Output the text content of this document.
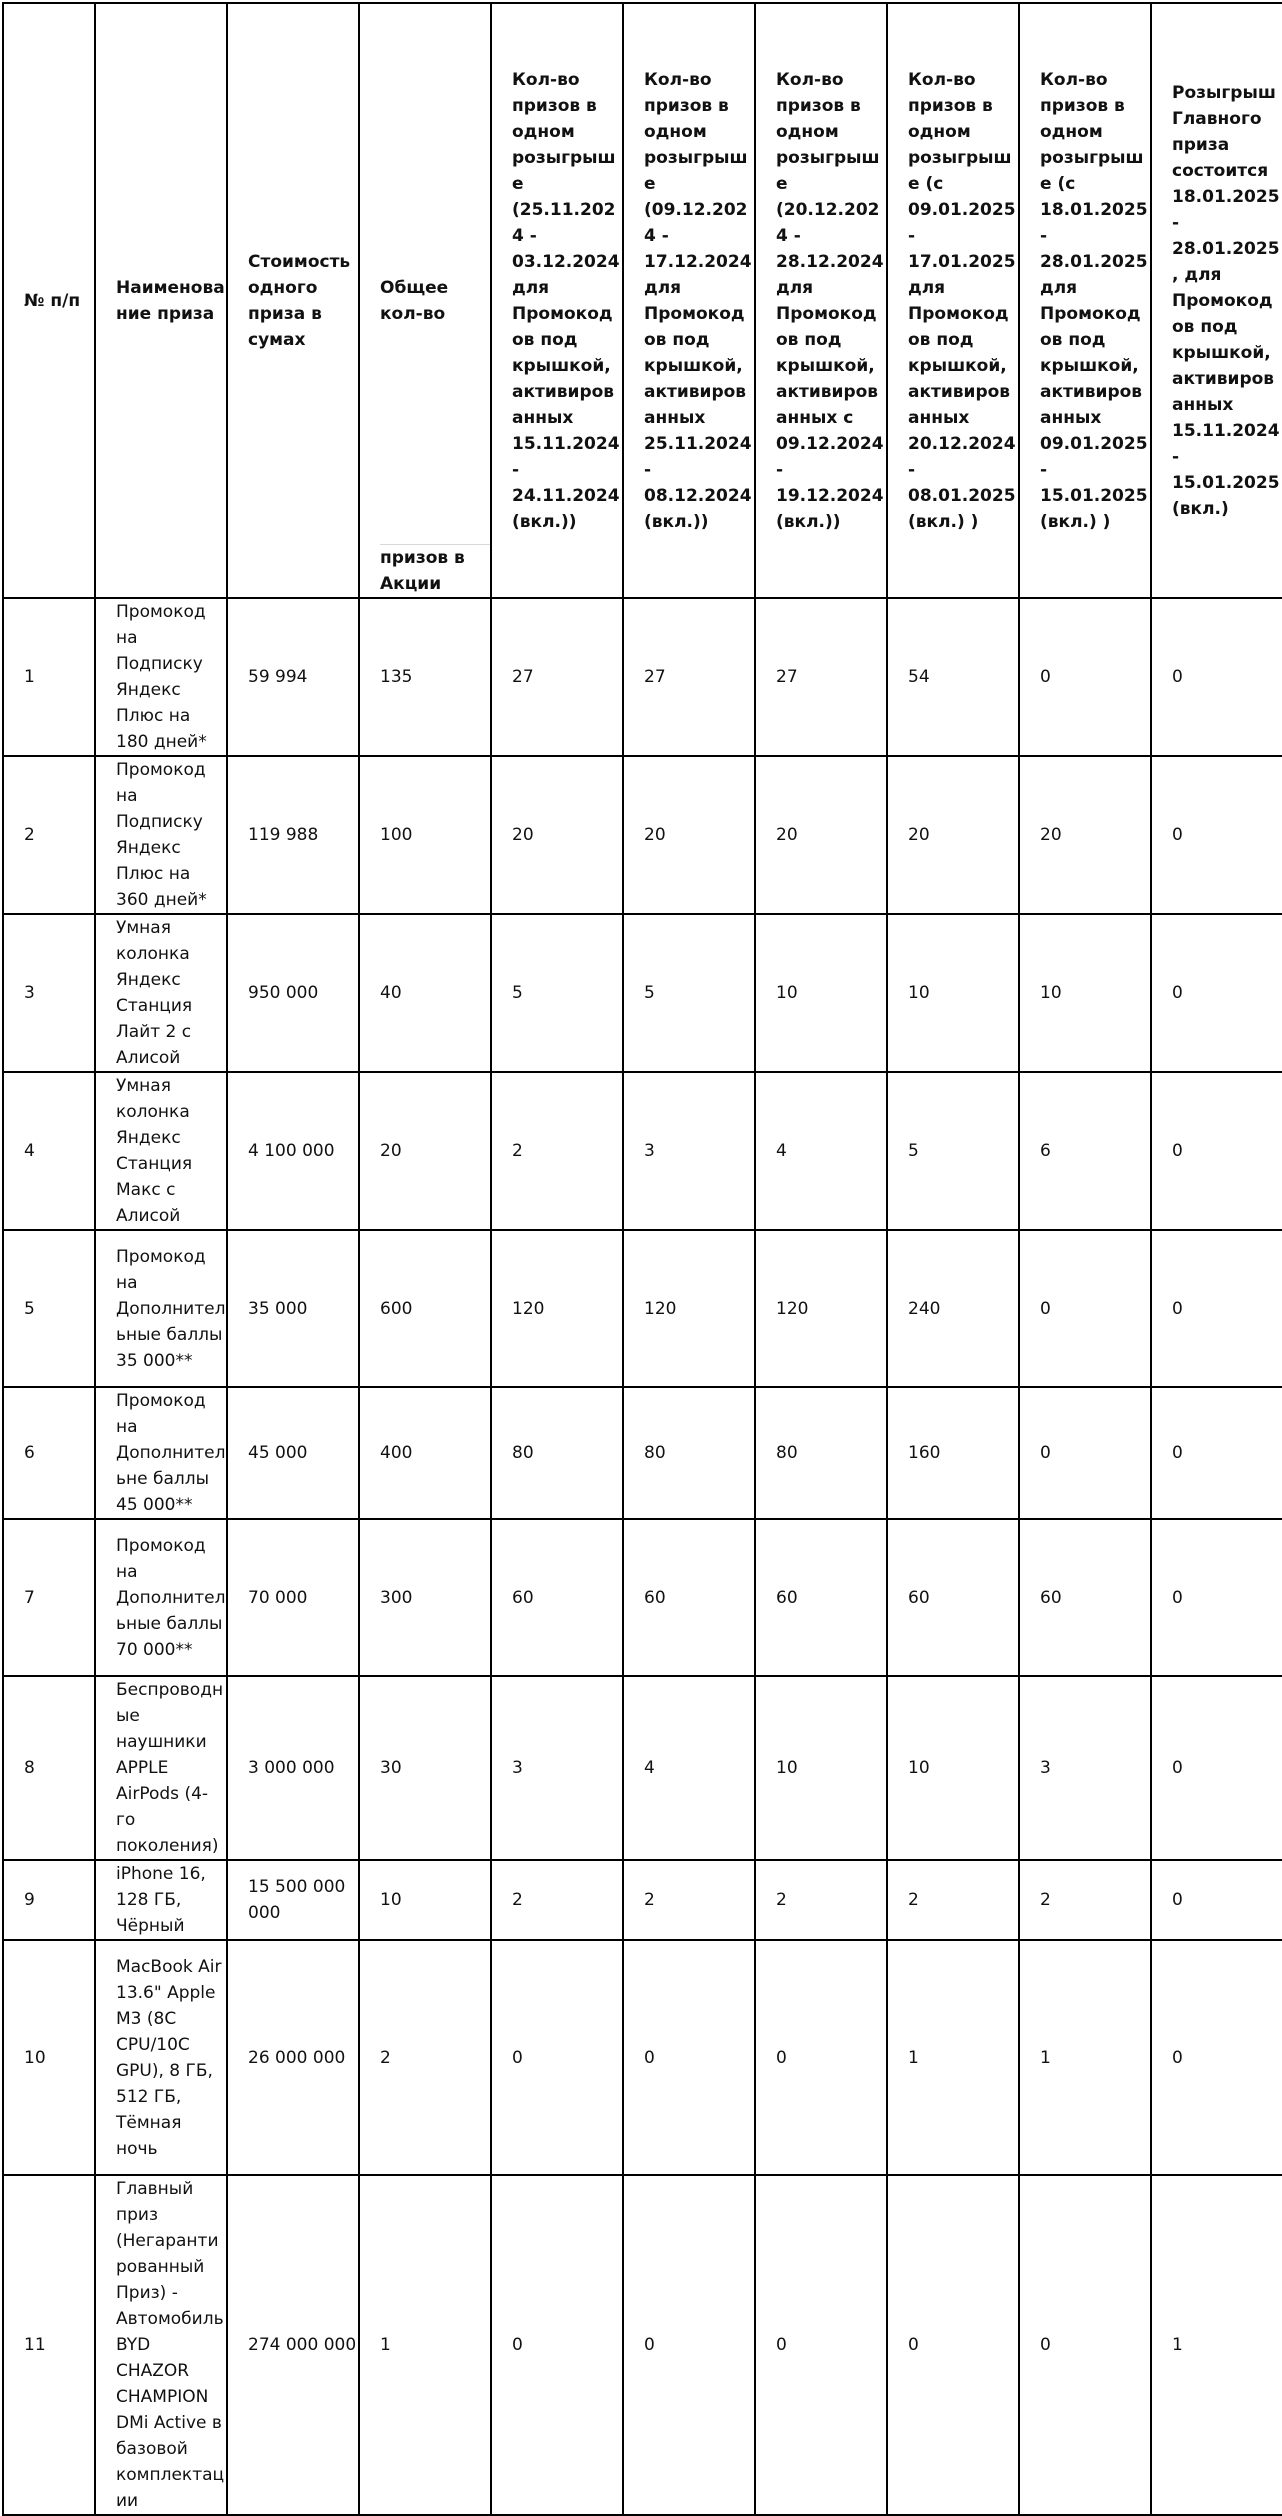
№ п/п	Наименование приза	Стоимость одного приза в сумах	Общее кол-во
призов в Акции	Кол-во призов в одном розыгрыше (25.11.2024 - 03.12.2024 для Промокодов под крышкой, активированных 15.11.2024 - 24.11.2024 (вкл.))	Кол-во призов в одном розыгрыше (09.12.2024 - 17.12.2024 для Промокодов под крышкой, активированных 25.11.2024 - 08.12.2024 (вкл.))	Кол-во призов в одном розыгрыше (20.12.2024 - 28.12.2024 для Промокодов под крышкой, активированных с 09.12.2024 - 19.12.2024 (вкл.))	Кол-во призов в одном розыгрыше (с 09.01.2025 - 17.01.2025 для Промокодов под крышкой, активированных 20.12.2024 - 08.01.2025 (вкл.) )	Кол-во призов в одном розыгрыше (с 18.01.2025 - 28.01.2025 для Промокодов под крышкой, активированных 09.01.2025 - 15.01.2025 (вкл.) )	Розыгрыш Главного приза состоится 18.01.2025 - 28.01.2025, для Промокодов под крышкой, активированных 15.11.2024 - 15.01.2025 (вкл.)
1	Промокод на Подписку Яндекс Плюс на 180 дней*	59 994	135	27	27	27	54	0	0
2	Промокод на Подписку Яндекс Плюс на 360 дней*	119 988	100	20	20	20	20	20	0
3	Умная колонка Яндекс Станция Лайт 2 с Алисой	950 000	40	5	5	10	10	10	0
4	Умная колонка Яндекс Станция Макс с Алисой	4 100 000	20	2	3	4	5	6	0
5	Промокод на Дополнительные баллы 35 000**	35 000	600	120	120	120	240	0	0
6	Промокод на Дополнительне баллы 45 000**	45 000	400	80	80	80	160	0	0
7	Промокод на Дополнительные баллы 70 000**	70 000	300	60	60	60	60	60	0
8	Беспроводные наушники APPLE AirPods (4-го поколения)	3 000 000	30	3	4	10	10	3	0
9	iPhone 16, 128 ГБ, Чёрный	15 500 000 000	10	2	2	2	2	2	0
10	MacBook Air 13.6" Apple M3 (8C CPU/10C GPU), 8 ГБ, 512 ГБ, Тёмная ночь	26 000 000	2	0	0	0	1	1	0
11	Главный приз (Негарантированный Приз) - Автомобиль BYD CHAZOR CHAMPION DMi Active в базовой комплектации	274 000 000	1	0	0	0	0	0	1
